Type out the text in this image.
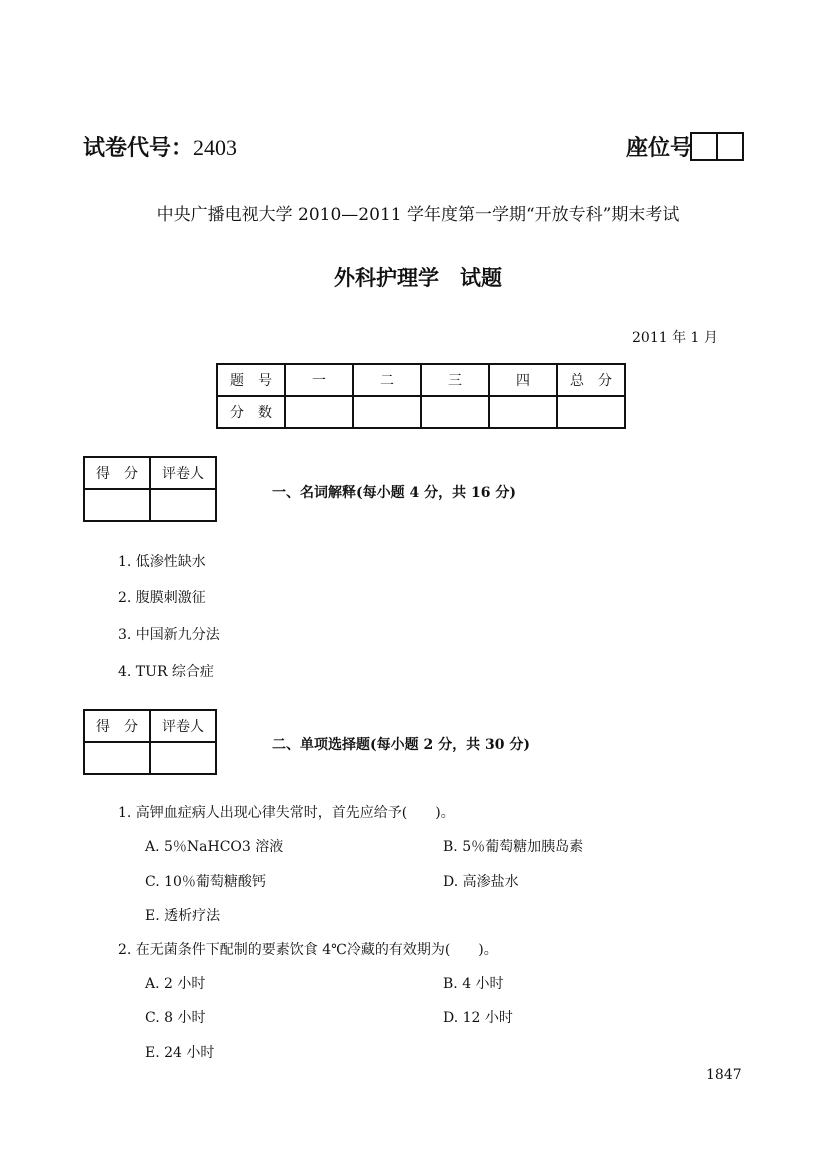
试卷代号：2403	座位号
中央广播电视大学 2010—2011 学年度第一学期“开放专科”期末考试
外科护理学　试题
2011 年 1 月
题　号	一	二	三	四	总　分
分　数					
得　分	评卷人

一、名词解释(每小题 4 分，共 16 分)
1. 低渗性缺水
2. 腹膜刺激征
3. 中国新九分法
4. TUR 综合症
得　分	评卷人

二、单项选择题(每小题 2 分，共 30 分)
1. 高钾血症病人出现心律失常时，首先应给予(　　)。
A. 5％NaHCO3 溶液	B. 5％葡萄糖加胰岛素
C. 10％葡萄糖酸钙	D. 高渗盐水
E. 透析疗法
2. 在无菌条件下配制的要素饮食 4℃冷藏的有效期为(　　)。
A. 2 小时	B. 4 小时
C. 8 小时	D. 12 小时
E. 24 小时
1847
